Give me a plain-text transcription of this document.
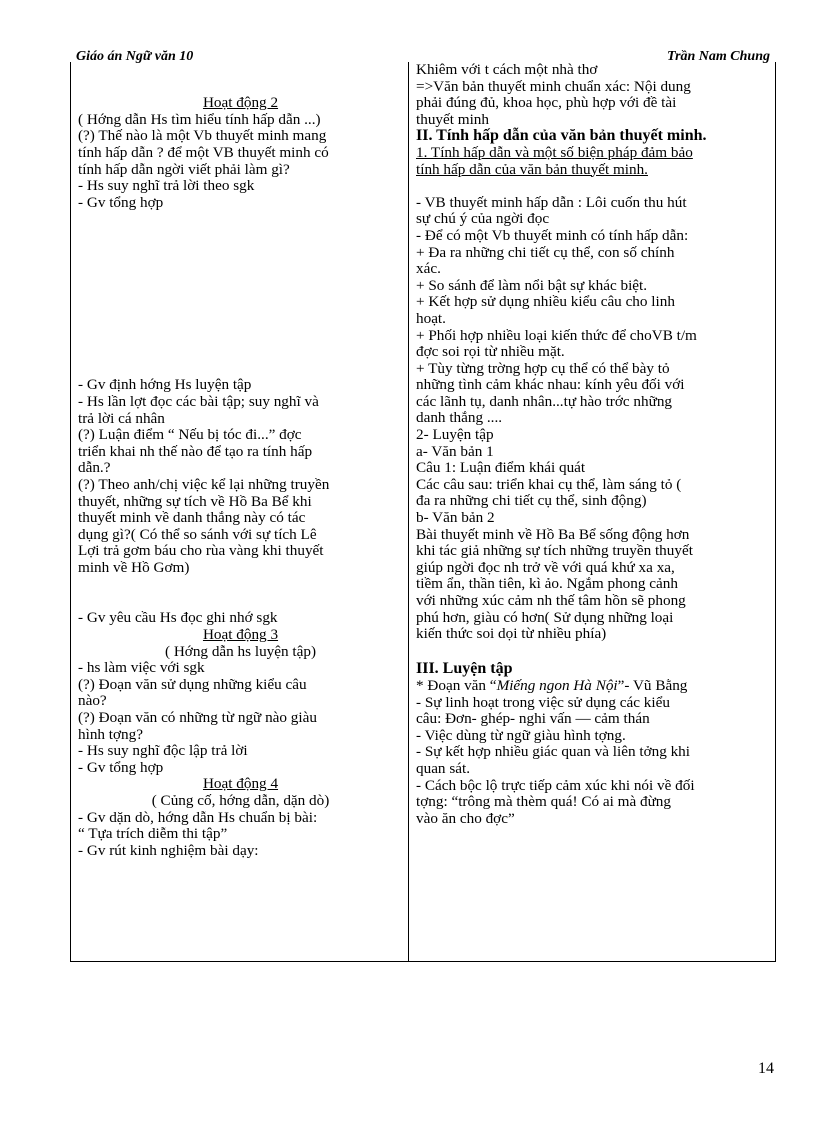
Giáo án Ngữ văn 10	Trần Nam Chung

Hoạt động 2

( Hớng dẫn Hs tìm hiểu tính hấp dẫn ...)

(?) Thế nào là một Vb thuyết minh mang

tính hấp dẫn ? để một VB thuyết minh có

tính hấp dẫn ngời viết phải làm gì?

- Hs suy nghĩ trả lời theo sgk

- Gv tổng hợp

- Gv định hớng Hs luyện tập

- Hs lần lợt đọc các bài tập; suy nghĩ và

trả lời cá nhân

(?) Luận điểm “ Nếu bị tóc đi...” đợc

triển khai nh thế nào để tạo ra tính hấp

dẫn.?

(?) Theo anh/chị việc kể lại những truyền

thuyết, những sự tích về Hồ Ba Bể khi

thuyết minh về danh thắng này có tác

dụng gì?( Có thể so sánh với sự tích Lê

Lợi trả gơm báu cho rùa vàng khi thuyết

minh về Hồ Gơm)

- Gv yêu cầu Hs đọc ghi nhớ sgk

Hoạt động 3

( Hớng dẫn hs luyện tập)

- hs làm việc với sgk

(?) Đoạn văn sử dụng những kiểu câu

nào?

(?) Đoạn văn có những từ ngữ nào giàu

hình tợng?

- Hs suy nghĩ độc lập trả lời

- Gv tổng hợp

Hoạt động 4

( Củng cố, hớng dẫn, dặn dò)

- Gv dặn dò, hớng dẫn Hs chuẩn bị bài:

“ Tựa trích diễm thi tập”

- Gv rút kinh nghiệm bài dạy:

Khiêm với t cách một nhà thơ

=>Văn bản thuyết minh chuẩn xác: Nội dung

phải đúng đủ, khoa học, phù hợp với đề tài

thuyết minh

II. Tính hấp dẫn của văn bản thuyết minh.

1. Tính hấp dẫn và một số biện pháp đảm bảo

tính hấp dẫn của văn bản thuyết minh.

- VB thuyết minh hấp dẫn : Lôi cuốn thu hút

sự chú ý của ngời đọc

- Để có một Vb thuyết minh có tính hấp dẫn:

+ Đa ra những chi tiết cụ thể, con số chính

xác.

+ So sánh để làm nổi bật sự khác biệt.

+ Kết hợp sử dụng nhiều kiểu câu cho linh

hoạt.

+ Phối hợp nhiều loại kiến thức để choVB t/m

đợc soi rọi từ nhiều mặt.

+ Tùy từng trờng hợp cụ thể có thể bày tỏ

những tình cảm khác nhau: kính yêu đối với

các lãnh tụ, danh nhân...tự hào trớc những

danh thắng ....

2- Luyện tập

a- Văn bản 1

Câu 1: Luận điểm khái quát

Các câu sau: triển khai cụ thể, làm sáng tỏ (

đa ra những chi tiết cụ thể, sinh động)

b- Văn bản 2

Bài thuyết minh về Hồ Ba Bể sống động hơn

khi tác giả những sự tích những truyền thuyết

giúp ngời đọc nh trở về với quá khứ xa xa,

tiềm ẩn, thần tiên, kì ảo. Ngắm phong cảnh

với những xúc cảm nh thế tâm hồn sẽ phong

phú hơn, giàu có hơn( Sử dụng những loại

kiến thức soi dọi từ nhiều phía)

III. Luyện tập

* Đoạn văn “Miếng ngon Hà Nội”- Vũ Bằng

- Sự linh hoạt trong việc sử dụng các kiểu

câu: Đơn- ghép- nghi vấn — cảm thán

- Việc dùng từ ngữ giàu hình tợng.

- Sự kết hợp nhiều giác quan và liên tởng khi

quan sát.

- Cách bộc lộ trực tiếp cảm xúc khi nói về đối

tợng: “trông mà thèm quá! Có ai mà đừng

vào ăn cho đợc”

14
